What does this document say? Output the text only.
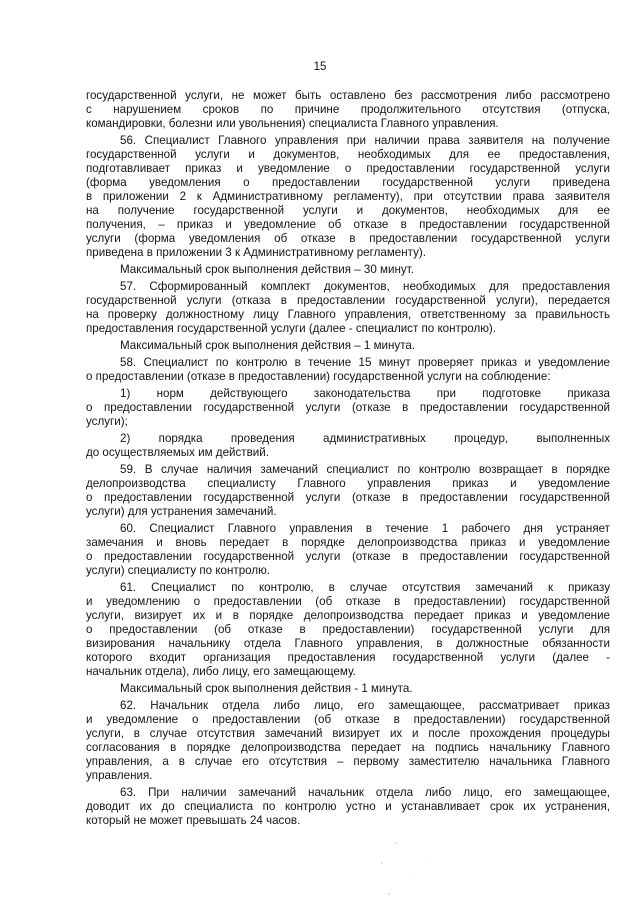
15
государственной услуги, не может быть оставлено без рассмотрения либо рассмотрено
с нарушением сроков по причине продолжительного отсутствия (отпуска,
командировки, болезни или увольнения) специалиста Главного управления.
56. Специалист Главного управления при наличии права заявителя на получение
государственной услуги и документов, необходимых для ее предоставления,
подготавливает приказ и уведомление о предоставлении государственной услуги
(форма уведомления о предоставлении государственной услуги приведена
в приложении 2 к Административному регламенту), при отсутствии права заявителя
на получение государственной услуги и документов, необходимых для ее
получения, – приказ и уведомление об отказе в предоставлении государственной
услуги (форма уведомления об отказе в предоставлении государственной услуги
приведена в приложении 3 к Административному регламенту).
Максимальный срок выполнения действия – 30 минут.
57. Сформированный комплект документов, необходимых для предоставления
государственной услуги (отказа в предоставлении государственной услуги), передается
на проверку должностному лицу Главного управления, ответственному за правильность
предоставления государственной услуги (далее - специалист по контролю).
Максимальный срок выполнения действия – 1 минута.
58. Специалист по контролю в течение 15 минут проверяет приказ и уведомление
о предоставлении (отказе в предоставлении) государственной услуги на соблюдение:
1) норм действующего законодательства при подготовке приказа
о предоставлении государственной услуги (отказе в предоставлении государственной
услуги);
2) порядка проведения административных процедур, выполненных
до осуществляемых им действий.
59. В случае наличия замечаний специалист по контролю возвращает в порядке
делопроизводства специалисту Главного управления приказ и уведомление
о предоставлении государственной услуги (отказе в предоставлении государственной
услуги) для устранения замечаний.
60. Специалист Главного управления в течение 1 рабочего дня устраняет
замечания и вновь передает в порядке делопроизводства приказ и уведомление
о предоставлении государственной услуги (отказе в предоставлении государственной
услуги) специалисту по контролю.
61. Специалист по контролю, в случае отсутствия замечаний к приказу
и уведомлению о предоставлении (об отказе в предоставлении) государственной
услуги, визирует их и в порядке делопроизводства передает приказ и уведомление
о предоставлении (об отказе в предоставлении) государственной услуги для
визирования начальнику отдела Главного управления, в должностные обязанности
которого входит организация предоставления государственной услуги (далее -
начальник отдела), либо лицу, его замещающему.
Максимальный срок выполнения действия - 1 минута.
62. Начальник отдела либо лицо, его замещающее, рассматривает приказ
и уведомление о предоставлении (об отказе в предоставлении) государственной
услуги, в случае отсутствия замечаний визирует их и после прохождения процедуры
согласования в порядке делопроизводства передает на подпись начальнику Главного
управления, а в случае его отсутствия – первому заместителю начальника Главного
управления.
63. При наличии замечаний начальник отдела либо лицо, его замещающее,
доводит их до специалиста по контролю устно и устанавливает срок их устранения,
который не может превышать 24 часов.
